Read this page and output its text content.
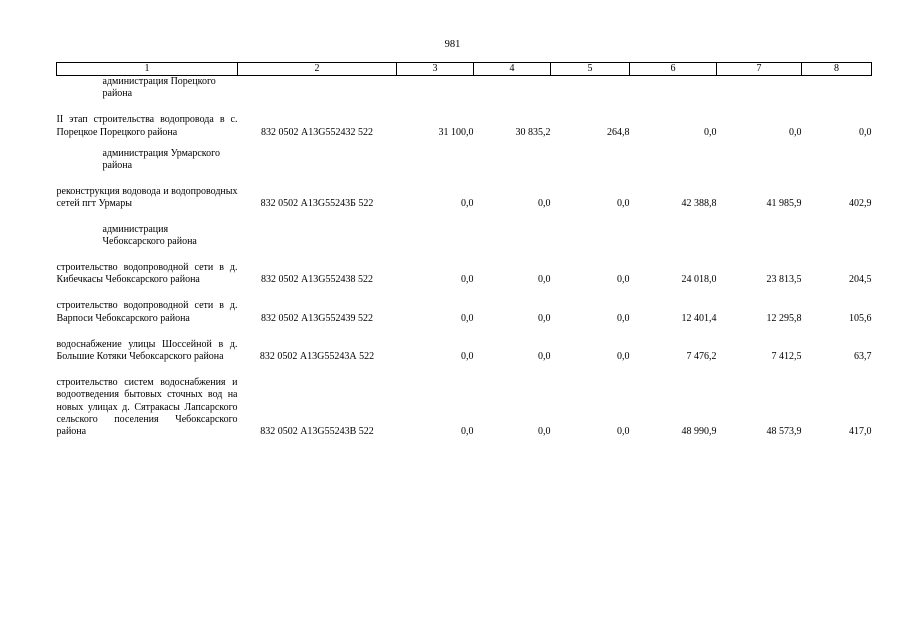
981
1	2	3	4	5	6	7	8
администрация Порецкого района							

II этап строительства водопровода в с. Порецкое Порецкого района	832 0502 А13G552432 522	31 100,0	30 835,2	264,8	0,0	0,0	0,0

администрация Урмарского района							

реконструкция водовода и водопроводных сетей пгт Урмары	832 0502 А13G55243Б 522	0,0	0,0	0,0	42 388,8	41 985,9	402,9

администрация Чебоксарского района							

строительство водопроводной сети в д. Кибечкасы Чебоксарского района	832 0502 А13G552438 522	0,0	0,0	0,0	24 018,0	23 813,5	204,5

строительство водопроводной сети в д. Варпоси Чебоксарского района	832 0502 А13G552439 522	0,0	0,0	0,0	12 401,4	12 295,8	105,6

водоснабжение улицы Шоссейной в д. Большие Котяки Чебоксарского района	832 0502 А13G55243А 522	0,0	0,0	0,0	7 476,2	7 412,5	63,7

строительство систем водоснабжения и водоотведения бытовых сточных вод на новых улицах д. Сятракасы Лапсарского сельского поселения Чебоксарского района	832 0502 А13G55243В 522	0,0	0,0	0,0	48 990,9	48 573,9	417,0
